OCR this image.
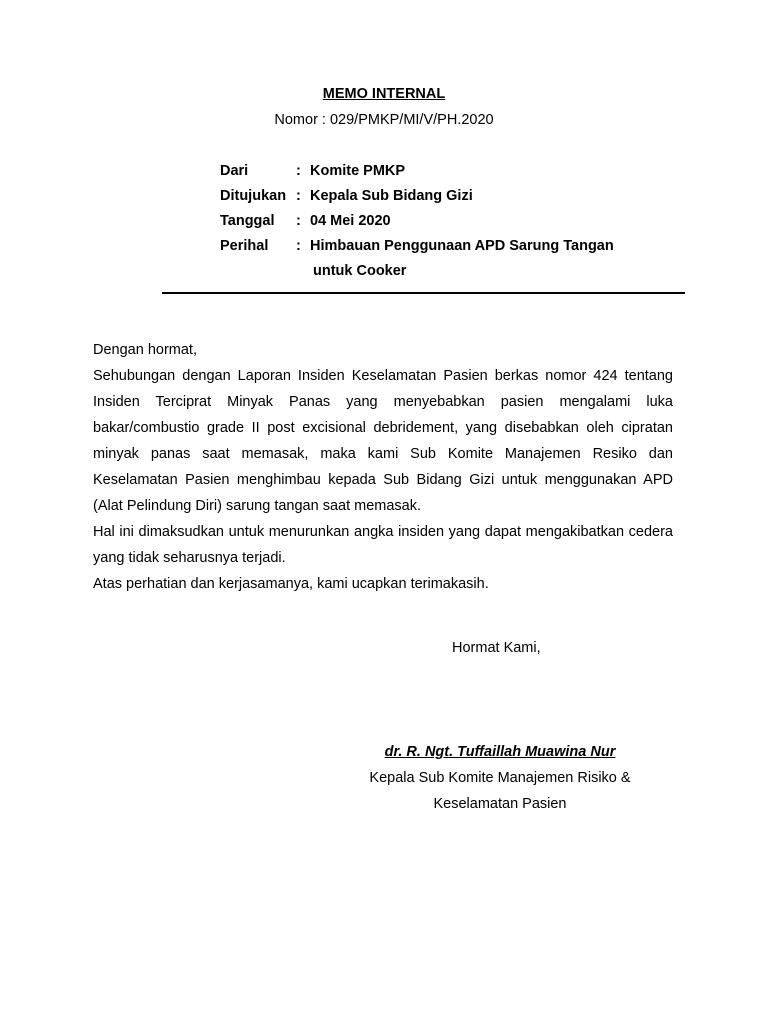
MEMO INTERNAL
Nomor : 029/PMKP/MI/V/PH.2020
Dari	: Komite PMKP
Ditujukan : Kepala Sub Bidang Gizi
Tanggal : 04 Mei 2020
Perihal : Himbauan Penggunaan APD Sarung Tangan
untuk Cooker

Dengan hormat,

Sehubungan dengan Laporan Insiden Keselamatan Pasien berkas nomor 424 tentang Insiden Terciprat Minyak Panas yang menyebabkan pasien mengalami luka bakar/combustio grade II post excisional debridement, yang disebabkan oleh cipratan minyak panas saat memasak, maka kami Sub Komite Manajemen Resiko dan Keselamatan Pasien menghimbau kepada Sub Bidang Gizi untuk menggunakan APD (Alat Pelindung Diri) sarung tangan saat memasak.

Hal ini dimaksudkan untuk menurunkan angka insiden yang dapat mengakibatkan cedera yang tidak seharusnya terjadi.

Atas perhatian dan kerjasamanya, kami ucapkan terimakasih.

Hormat Kami,
dr. R. Ngt. Tuffaillah Muawina Nur
Kepala Sub Komite Manajemen Risiko &
Keselamatan Pasien
